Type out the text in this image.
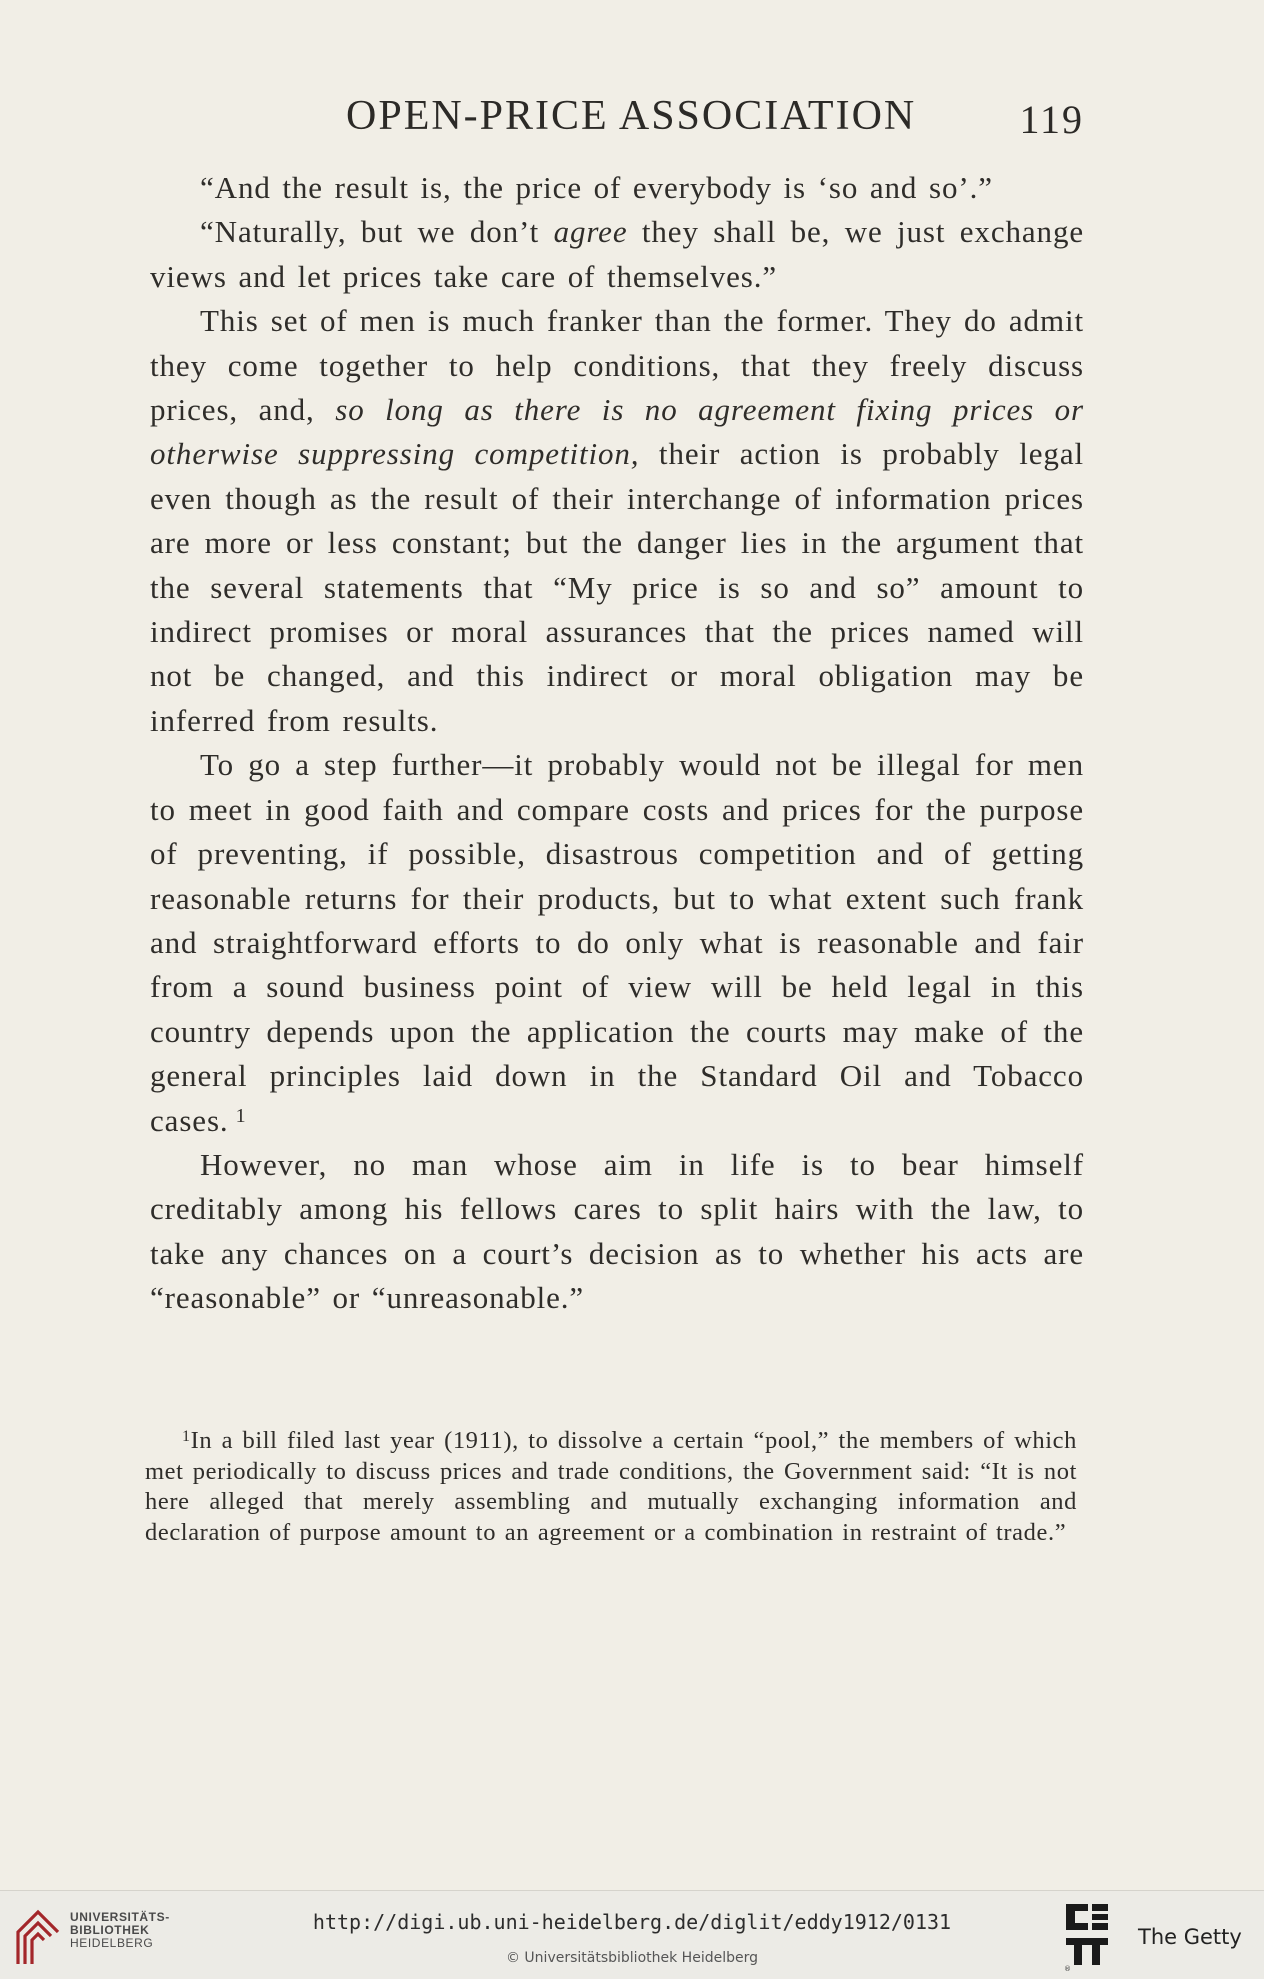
OPEN-PRICE ASSOCIATION	119

“And the result is, the price of everybody is ‘so and so’.”

“Naturally, but we don’t agree they shall be, we just exchange views and let prices take care of themselves.”

This set of men is much franker than the former. They do admit they come together to help conditions, that they freely discuss prices, and, so long as there is no agreement fixing prices or otherwise suppressing competition, their action is probably legal even though as the result of their interchange of information prices are more or less constant; but the danger lies in the argument that the several statements that “My price is so and so” amount to indirect promises or moral assurances that the prices named will not be changed, and this indirect or moral obligation may be inferred from results.

To go a step further—it probably would not be illegal for men to meet in good faith and compare costs and prices for the purpose of preventing, if possible, disastrous competition and of getting reasonable returns for their products, but to what extent such frank and straightforward efforts to do only what is reasonable and fair from a sound business point of view will be held legal in this country depends upon the application the courts may make of the general principles laid down in the Standard Oil and Tobacco cases.  $^1$

However, no man whose aim in life is to bear himself creditably among his fellows cares to split hairs with the law, to take any chances on a court’s decision as to whether his acts are “reasonable” or “unreasonable.”

$^1$In a bill filed last year (1911), to dissolve a certain “pool,” the members of which met periodically to discuss prices and trade conditions, the Government said: “It is not here alleged that merely assembling and mutually exchanging information and declaration of purpose amount to an agreement or a combination in restraint of trade.”

UNIVERSITÄTS-
BIBLIOTHEK
HEIDELBERG
http://digi.ub.uni-heidelberg.de/diglit/eddy1912/0131
© Universitätsbibliothek Heidelberg
®
The Getty
